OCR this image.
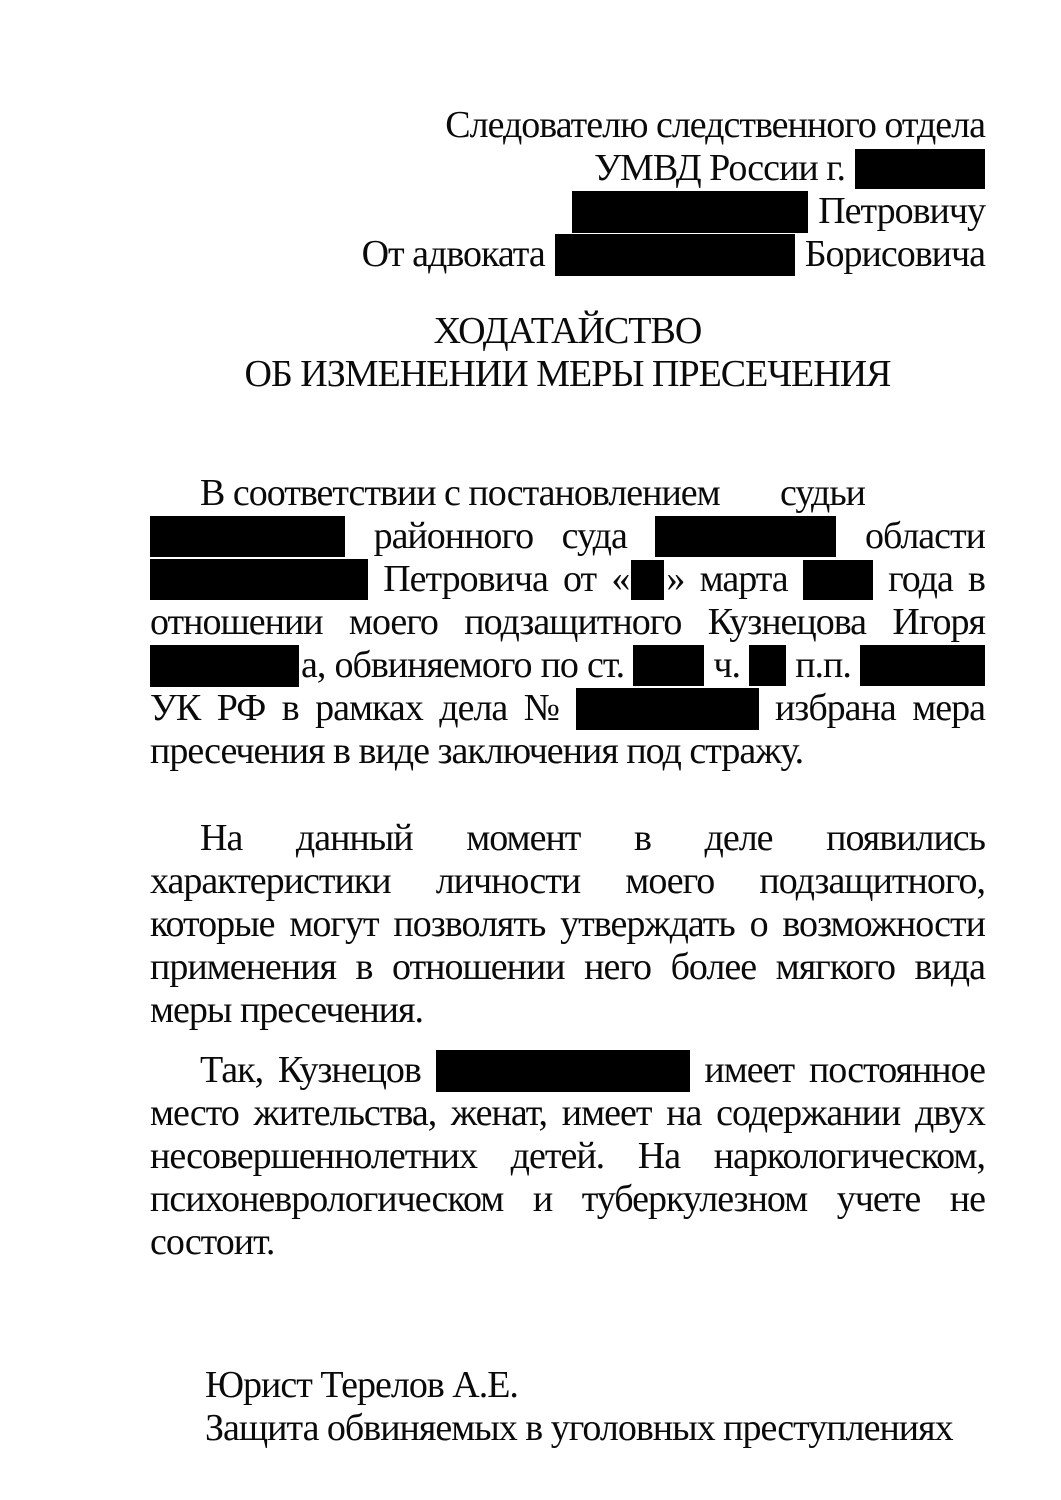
Следователю следственного отдела
УМВД России г.
Петровичу
От адвоката	Борисовича
ХОДАТАЙСТВО
ОБ ИЗМЕНЕНИИ МЕРЫ ПРЕСЕЧЕНИЯ
В соответствии с постановлением судьи
районного суда	области
Петровича от « » марта	года в
отношении моего подзащитного Кузнецова Игоря
а, обвиняемого по ст. ч. п.п.
УК РФ в рамках дела №	избрана мера
пресечения в виде заключения под стражу.
На данный момент в деле появились
характеристики личности моего подзащитного,
которые могут позволять утверждать о возможности
применения в отношении него более мягкого вида
меры пресечения.
Так, Кузнецов	имеет постоянное
место жительства, женат, имеет на содержании двух
несовершеннолетних детей. На наркологическом,
психоневрологическом и туберкулезном учете не
состоит.
Юрист Терелов А.Е.
Защита обвиняемых в уголовных преступлениях
